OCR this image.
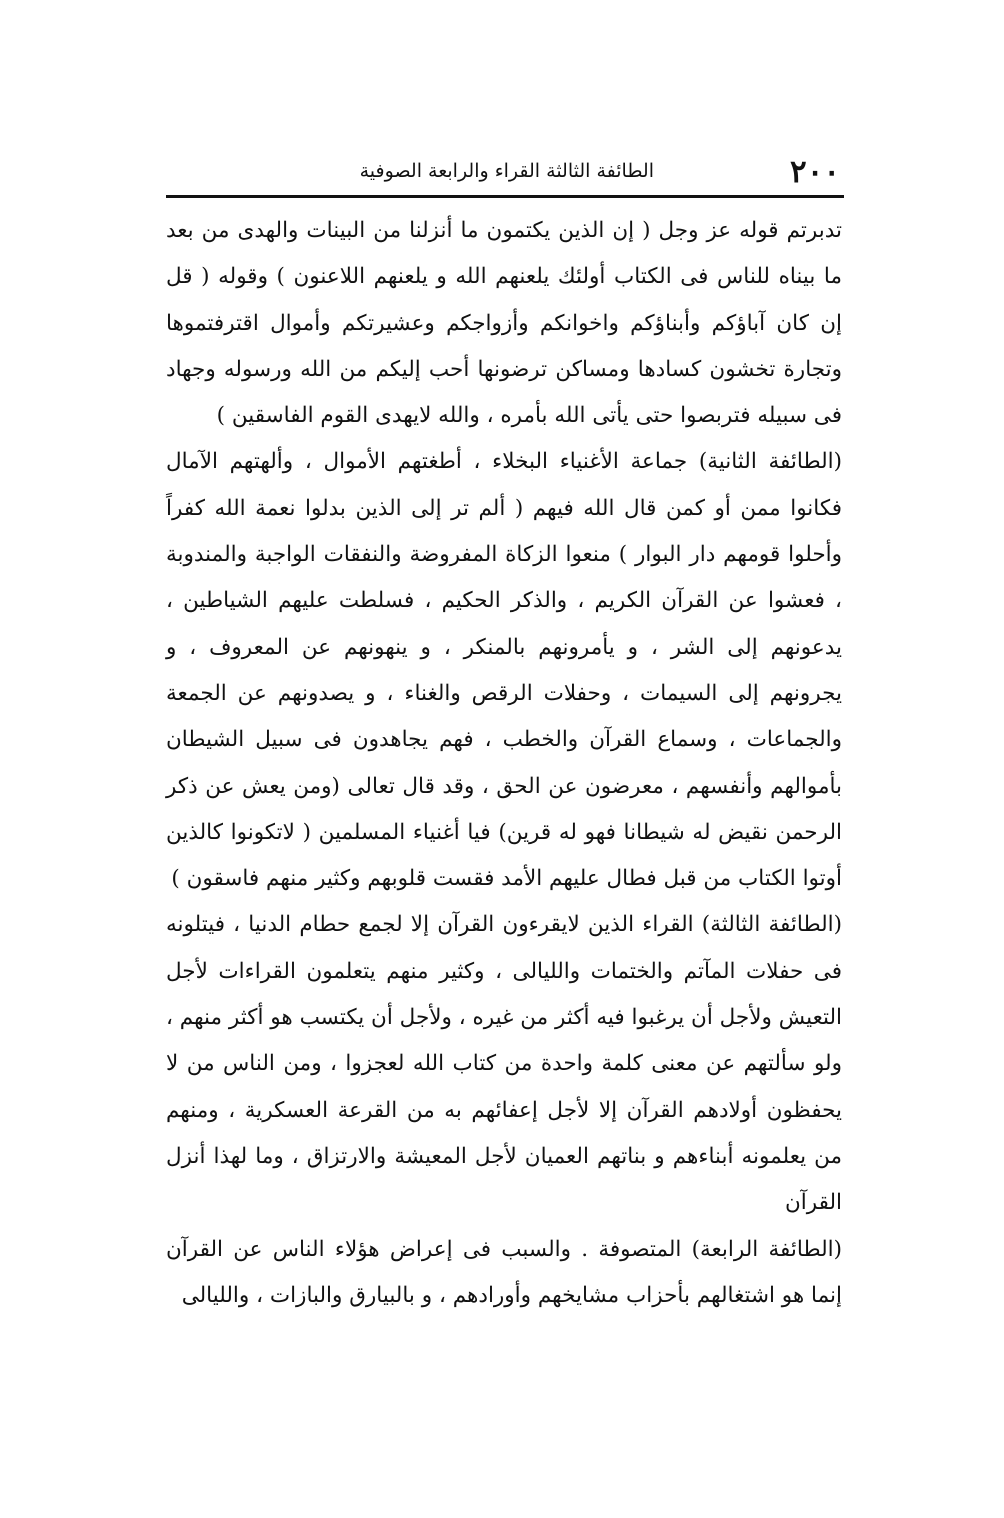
٢٠٠
الطائفة الثالثة القراء والرابعة الصوفية

تدبرتم قوله عز وجل ( إن الذين يكتمون ما أنزلنا من البينات والهدى من بعد ما بيناه للناس فى الكتاب أولئك يلعنهم الله و يلعنهم اللاعنون ) وقوله ( قل إن كان آباؤكم وأبناؤكم واخوانكم وأزواجكم وعشيرتكم وأموال اقترفتموها وتجارة تخشون كسادها ومساكن ترضونها أحب إليكم من الله ورسوله وجهاد فى سبيله فتربصوا حتى يأتى الله بأمره ، والله لايهدى القوم الفاسقين )

(الطائفة الثانية) جماعة الأغنياء البخلاء ، أطغتهم الأموال ، وألهتهم الآمال فكانوا ممن أو كمن قال الله فيهم ( ألم تر إلى الذين بدلوا نعمة الله كفراً وأحلوا قومهم دار البوار ) منعوا الزكاة المفروضة والنفقات الواجبة والمندوبة ، فعشوا عن القرآن الكريم ، والذكر الحكيم ، فسلطت عليهم الشياطين ، يدعونهم إلى الشر ، و يأمرونهم بالمنكر ، و ينهونهم عن المعروف ، و يجرونهم إلى السيمات ، وحفلات الرقص والغناء ، و يصدونهم عن الجمعة والجماعات ، وسماع القرآن والخطب ، فهم يجاهدون فى سبيل الشيطان بأموالهم وأنفسهم ، معرضون عن الحق ، وقد قال تعالى (ومن يعش عن ذكر الرحمن نقيض له شيطانا فهو له قرين) فيا أغنياء المسلمين ( لاتكونوا كالذين أوتوا الكتاب من قبل فطال عليهم الأمد فقست قلوبهم وكثير منهم فاسقون )

(الطائفة الثالثة) القراء الذين لايقرءون القرآن إلا لجمع حطام الدنيا ، فيتلونه فى حفلات المآتم والختمات والليالى ، وكثير منهم يتعلمون القراءات لأجل التعيش ولأجل أن يرغبوا فيه أكثر من غيره ، ولأجل أن يكتسب هو أكثر منهم ، ولو سألتهم عن معنى كلمة واحدة من كتاب الله لعجزوا ، ومن الناس من لا يحفظون أولادهم القرآن إلا لأجل إعفائهم به من القرعة العسكرية ، ومنهم من يعلمونه أبناءهم و بناتهم العميان لأجل المعيشة والارتزاق ، وما لهذا أنزل القرآن

(الطائفة الرابعة) المتصوفة . والسبب فى إعراض هؤلاء الناس عن القرآن إنما هو اشتغالهم بأحزاب مشايخهم وأورادهم ، و بالبيارق والبازات ، والليالى
